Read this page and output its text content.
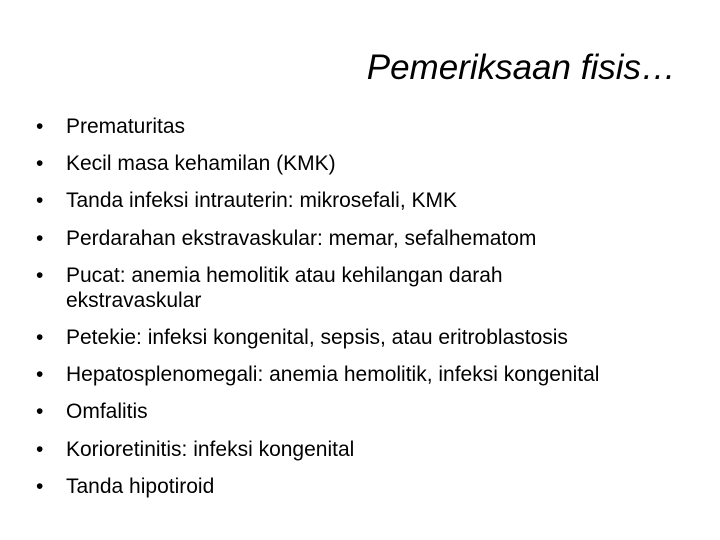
Pemeriksaan fisis…
•	Prematuritas
•	Kecil masa kehamilan (KMK)
•	Tanda infeksi intrauterin: mikrosefali, KMK
•	Perdarahan ekstravaskular: memar, sefalhematom
•	Pucat: anemia hemolitik atau kehilangan darah ekstravaskular
•	Petekie: infeksi kongenital, sepsis, atau eritroblastosis
•	Hepatosplenomegali: anemia hemolitik, infeksi kongenital
•	Omfalitis
•	Korioretinitis: infeksi kongenital
•	Tanda hipotiroid
